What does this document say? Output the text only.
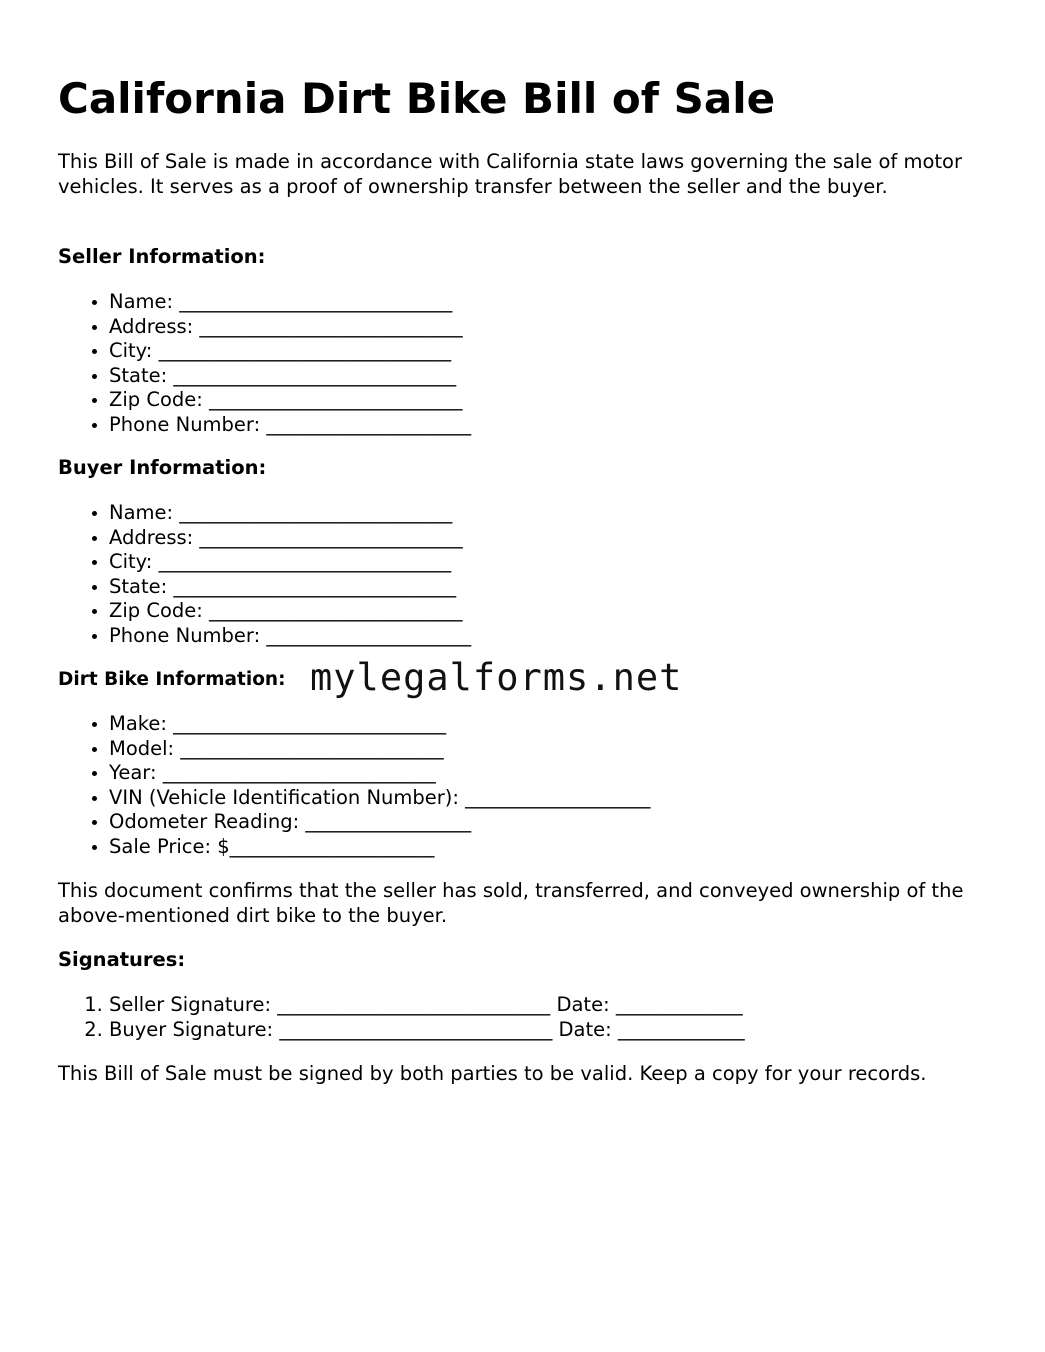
California Dirt Bike Bill of Sale

This Bill of Sale is made in accordance with California state laws governing the sale of motor vehicles. It serves as a proof of ownership transfer between the seller and the buyer.

Seller Information:
• Name: ____________________________
• Address: ___________________________
• City: ______________________________
• State: _____________________________
• Zip Code: __________________________
• Phone Number: _____________________
Buyer Information:
• Name: ____________________________
• Address: ___________________________
• City: ______________________________
• State: _____________________________
• Zip Code: __________________________
• Phone Number: _____________________
Dirt Bike Information: mylegalforms.net
• Make: ____________________________
• Model: ___________________________
• Year: ____________________________
• VIN (Vehicle Identification Number): ___________________
• Odometer Reading: _________________
• Sale Price: $_____________________

This document confirms that the seller has sold, transferred, and conveyed ownership of the above-mentioned dirt bike to the buyer.

Signatures:
1. Seller Signature: ____________________________ Date: _____________
2. Buyer Signature: ____________________________ Date: _____________

This Bill of Sale must be signed by both parties to be valid. Keep a copy for your records.
